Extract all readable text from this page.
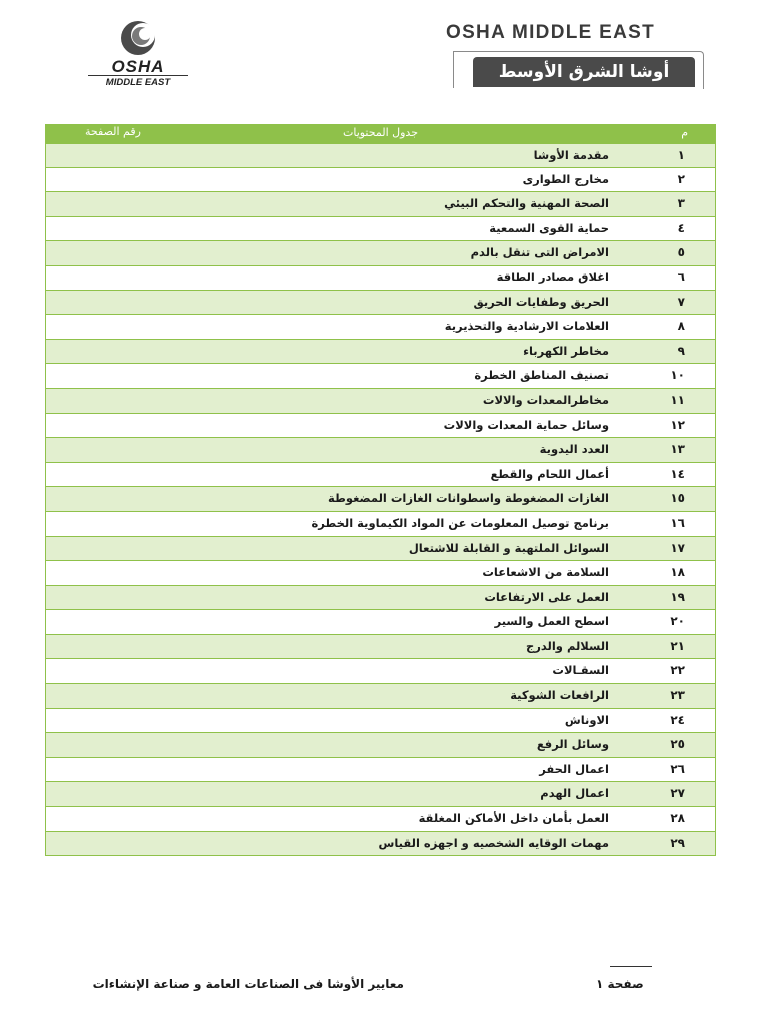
OSHA
MIDDLE EAST
OSHA MIDDLE EAST
أوشا الشرق الأوسط
م
جدول المحتويات
رقم الصفحة
١
مقدمة الأوشا
٢
مخارج الطوارى
٣
الصحة المهنية والتحكم البيئي
٤
حماية القوى السمعية
٥
الامراض التى تنقل بالدم
٦
اغلاق مصادر الطاقة
٧
الحريق وطفايات الحريق
٨
العلامات الارشادية والتحذيرية
٩
مخاطر الكهرباء
١٠
تصنيف المناطق الخطرة
١١
مخاطرالمعدات والالات
١٢
وسائل حماية المعدات والالات
١٣
العدد اليدوية
١٤
أعمال اللحام والقطع
١٥
الغازات المضغوطة واسطوانات الغازات المضغوطة
١٦
برنامج توصيل المعلومات عن المواد الكيماوية الخطرة
١٧
السوائل الملتهبة و القابلة للاشتعال
١٨
السلامة من الاشعاعات
١٩
العمل على الارتفاعات
٢٠
اسطح العمل والسير
٢١
السلالم والدرج
٢٢
السقـالات
٢٣
الرافعات الشوكية
٢٤
الاوناش
٢٥
وسائل الرفع
٢٦
اعمال الحفر
٢٧
اعمال الهدم
٢٨
العمل بأمان داخل الأماكن المغلقة
٢٩
مهمات الوقايه الشخصيه و اجهزه القياس
صفحة ١
معايير الأوشا فى الصناعات العامة و صناعة الإنشاءات
